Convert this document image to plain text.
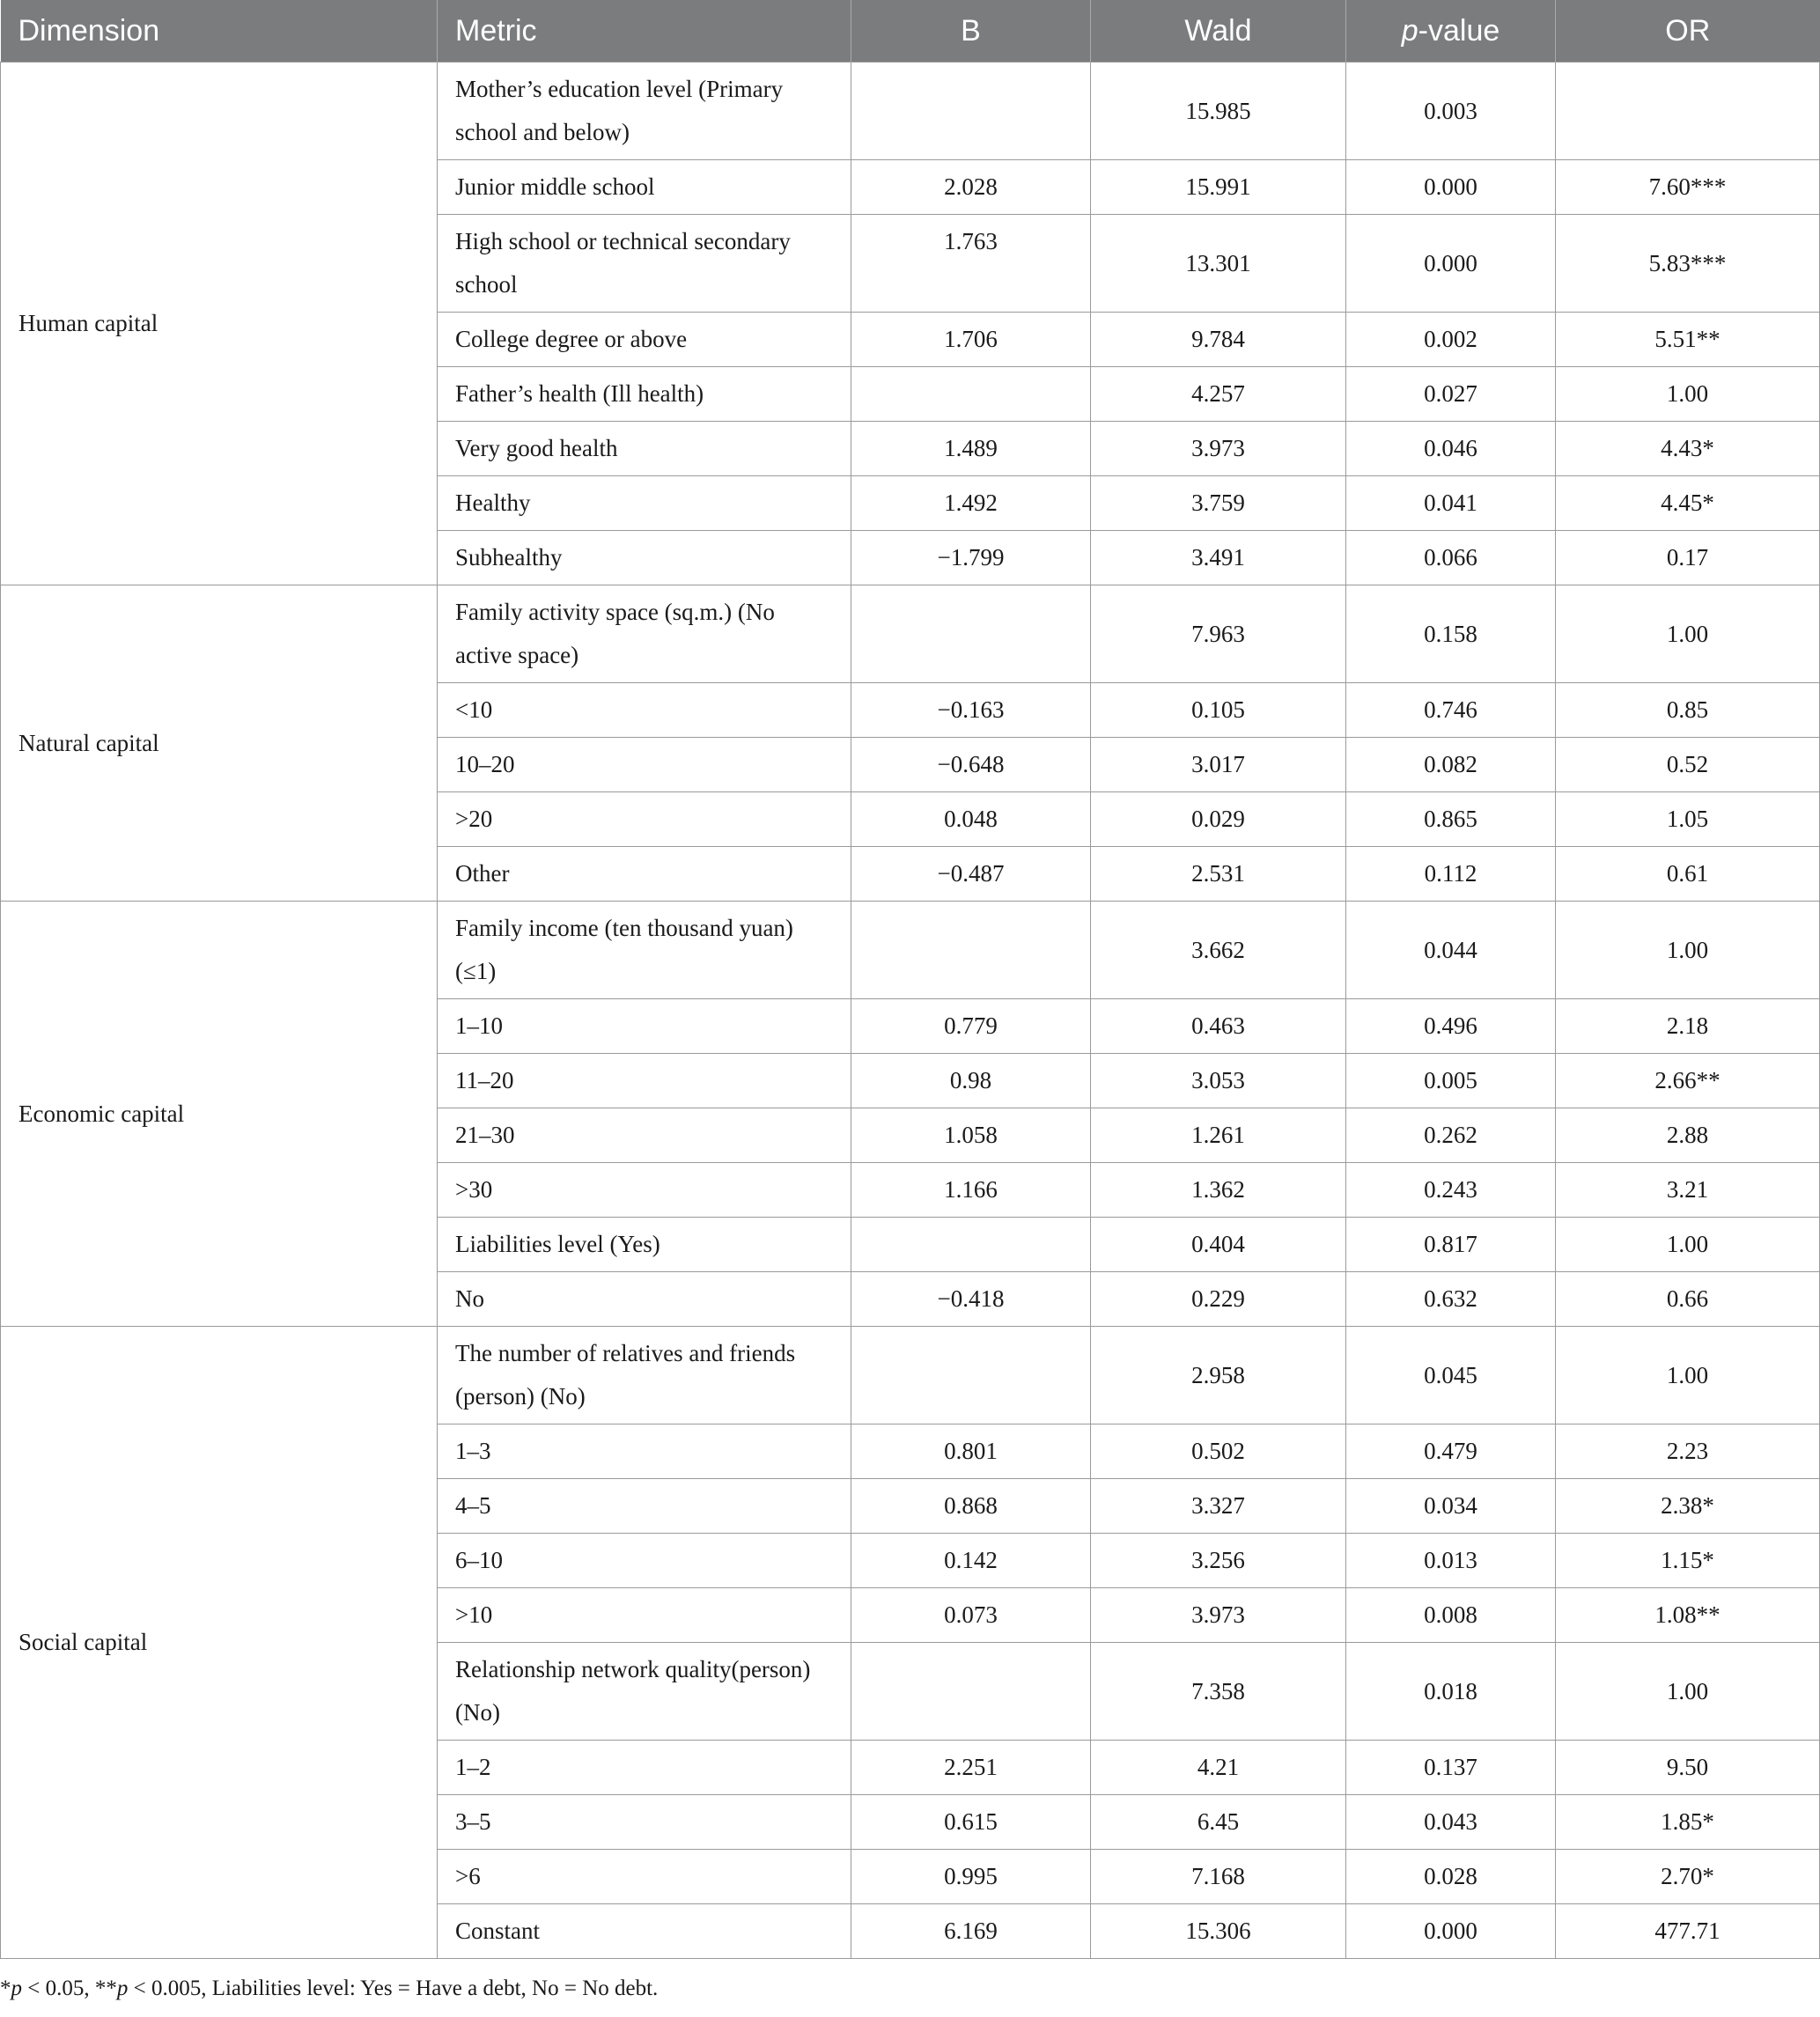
Dimension	Metric	B	Wald	p-value	OR
Human capital	Mother’s education level (Primary school and below)		15.985	0.003	
	Junior middle school	2.028	15.991	0.000	7.60***
	High school or technical secondary school	1.763	13.301	0.000	5.83***
	College degree or above	1.706	9.784	0.002	5.51**
	Father’s health (Ill health)		4.257	0.027	1.00
	Very good health	1.489	3.973	0.046	4.43*
	Healthy	1.492	3.759	0.041	4.45*
	Subhealthy	−1.799	3.491	0.066	0.17
Natural capital	Family activity space (sq.m.) (No active space)		7.963	0.158	1.00
	<10	−0.163	0.105	0.746	0.85
	10–20	−0.648	3.017	0.082	0.52
	>20	0.048	0.029	0.865	1.05
	Other	−0.487	2.531	0.112	0.61
Economic capital	Family income (ten thousand yuan) (≤1)		3.662	0.044	1.00
	1–10	0.779	0.463	0.496	2.18
	11–20	0.98	3.053	0.005	2.66**
	21–30	1.058	1.261	0.262	2.88
	>30	1.166	1.362	0.243	3.21
	Liabilities level (Yes)		0.404	0.817	1.00
	No	−0.418	0.229	0.632	0.66
Social capital	The number of relatives and friends (person) (No)		2.958	0.045	1.00
	1–3	0.801	0.502	0.479	2.23
	4–5	0.868	3.327	0.034	2.38*
	6–10	0.142	3.256	0.013	1.15*
	>10	0.073	3.973	0.008	1.08**
	Relationship network quality(person)(No)		7.358	0.018	1.00
	1–2	2.251	4.21	0.137	9.50
	3–5	0.615	6.45	0.043	1.85*
	>6	0.995	7.168	0.028	2.70*
	Constant	6.169	15.306	0.000	477.71
*p < 0.05, **p < 0.005, Liabilities level: Yes = Have a debt, No = No debt.
